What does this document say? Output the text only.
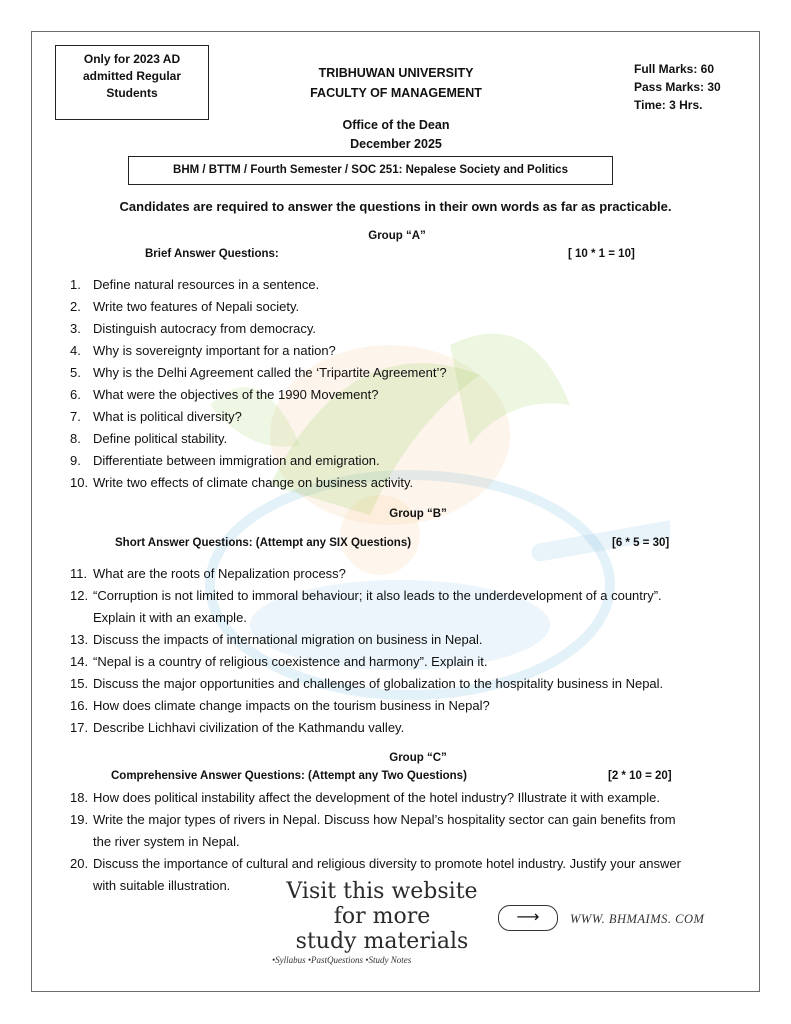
Only for 2023 AD
admitted Regular
Students
TRIBHUWAN UNIVERSITY
FACULTY OF MANAGEMENT
Full Marks: 60
Pass Marks: 30
Time: 3 Hrs.
Office of the Dean
December 2025
BHM / BTTM / Fourth Semester / SOC 251: Nepalese Society and Politics
Candidates are required to answer the questions in their own words as far as practicable.
Group “A”
Brief Answer Questions:	[ 10 * 1 = 10]
1. Define natural resources in a sentence.
2. Write two features of Nepali society.
3. Distinguish autocracy from democracy.
4. Why is sovereignty important for a nation?
5. Why is the Delhi Agreement called the ‘Tripartite Agreement’?
6. What were the objectives of the 1990 Movement?
7. What is political diversity?
8. Define political stability.
9. Differentiate between immigration and emigration.
10. Write two effects of climate change on business activity.
Group “B”
Short Answer Questions: (Attempt any SIX Questions)	[6 * 5 = 30]
11. What are the roots of Nepalization process?
12. “Corruption is not limited to immoral behaviour; it also leads to the underdevelopment of a country”.
Explain it with an example.
13. Discuss the impacts of international migration on business in Nepal.
14. “Nepal is a country of religious coexistence and harmony”. Explain it.
15. Discuss the major opportunities and challenges of globalization to the hospitality business in Nepal.
16. How does climate change impacts on the tourism business in Nepal?
17. Describe Lichhavi civilization of the Kathmandu valley.
Group “C”
Comprehensive Answer Questions: (Attempt any Two Questions)	[2 * 10 = 20]
18. How does political instability affect the development of the hotel industry? Illustrate it with example.
19. Write the major types of rivers in Nepal. Discuss how Nepal’s hospitality sector can gain benefits from
the river system in Nepal.
20. Discuss the importance of cultural and religious diversity to promote hotel industry. Justify your answer
with suitable illustration.	Visit this website
for more
study materials
•Syllabus •PastQuestions •Study Notes
⟶	WWW. BHMAIMS. COM
